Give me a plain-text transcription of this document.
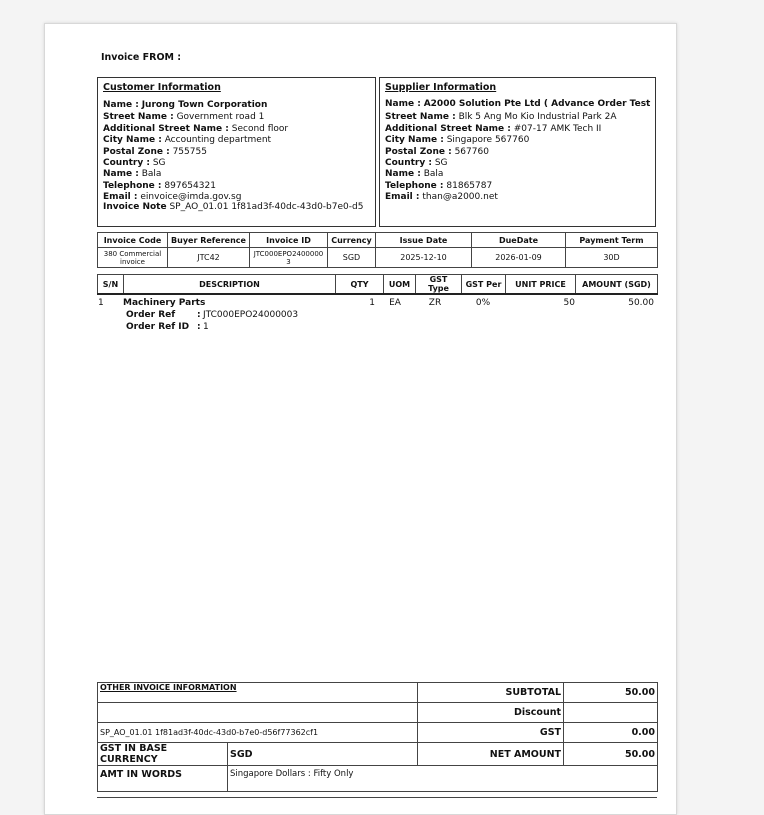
Invoice FROM :
Customer Information
Name : Jurong Town Corporation
Street Name : Government road 1
Additional Street Name : Second floor
City Name : Accounting department
Postal Zone : 755755
Country : SG
Name : Bala
Telephone : 897654321
Email : einvoice@imda.gov.sg
Invoice Note SP_AO_01.01 1f81ad3f-40dc-43d0-b7e0-d5
Supplier Information
Name : A2000 Solution Pte Ltd ( Advance Order Test
Street Name : Blk 5 Ang Mo Kio Industrial Park 2A
Additional Street Name : #07-17 AMK Tech II
City Name : Singapore 567760
Postal Zone : 567760
Country : SG
Name : Bala
Telephone : 81865787
Email : than@a2000.net
Invoice Code	Buyer Reference	Invoice ID	Currency	Issue Date	DueDate	Payment Term
380 Commercial invoice	JTC42	JTC000EPO24000003	SGD	2025-12-10	2026-01-09	30D
S/N	DESCRIPTION	QTY	UOM	GST Type	GST Per	UNIT PRICE	AMOUNT (SGD)
1 Machinery Parts	1	EA	ZR	0%	50	50.00
Order Ref : JTC000EPO24000003
Order Ref ID : 1
OTHER INVOICE INFORMATION		SUBTOTAL	50.00
		Discount	
SP_AO_01.01 1f81ad3f-40dc-43d0-b7e0-d56f77362cf1		GST	0.00
GST IN BASE CURRENCY	SGD	NET AMOUNT	50.00
AMT IN WORDS	Singapore Dollars : Fifty Only		
